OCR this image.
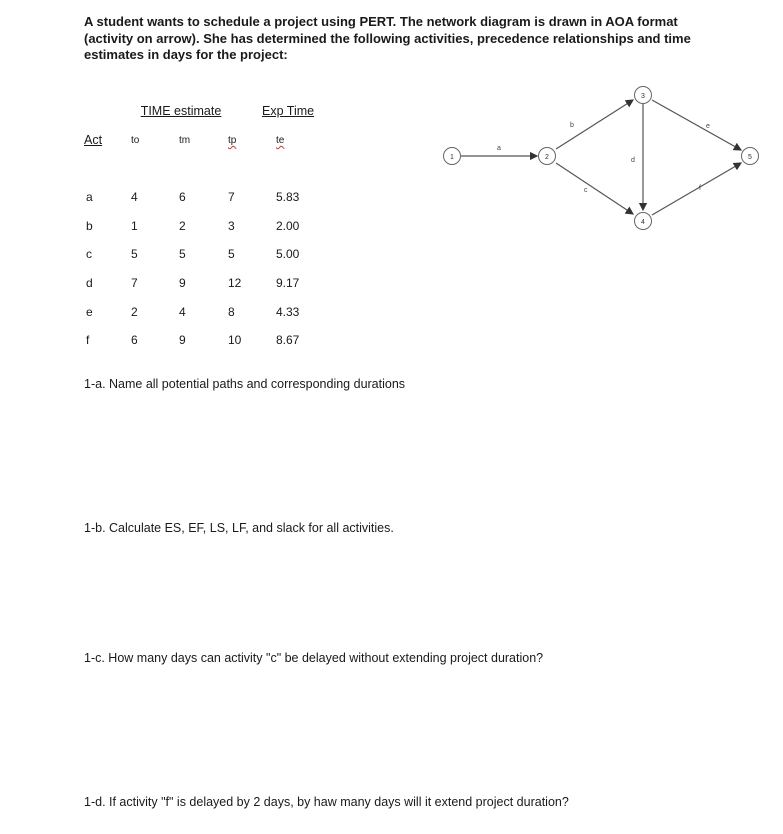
A student wants to schedule a project using PERT. The network diagram is drawn in AOA format (activity on arrow). She has determined the following activities, precedence relationships and time estimates in days for the project:
TIME estimate	Exp Time
Act	to	tm	tp	te
a	4	6	7	5.83
b	1	2	3	2.00
c	5	5	5	5.00
d	7	9	12	9.17
e	2	4	8	4.33
f	6	9	10	8.67
a
b
c
d
e
f
1	2
3
4
5
1-a. Name all potential paths and corresponding durations
1-b. Calculate ES, EF, LS, LF, and slack for all activities.
1-c. How many days can activity "c" be delayed without extending project duration?
1-d. If activity "f" is delayed by 2 days, by haw many days will it extend project duration?
